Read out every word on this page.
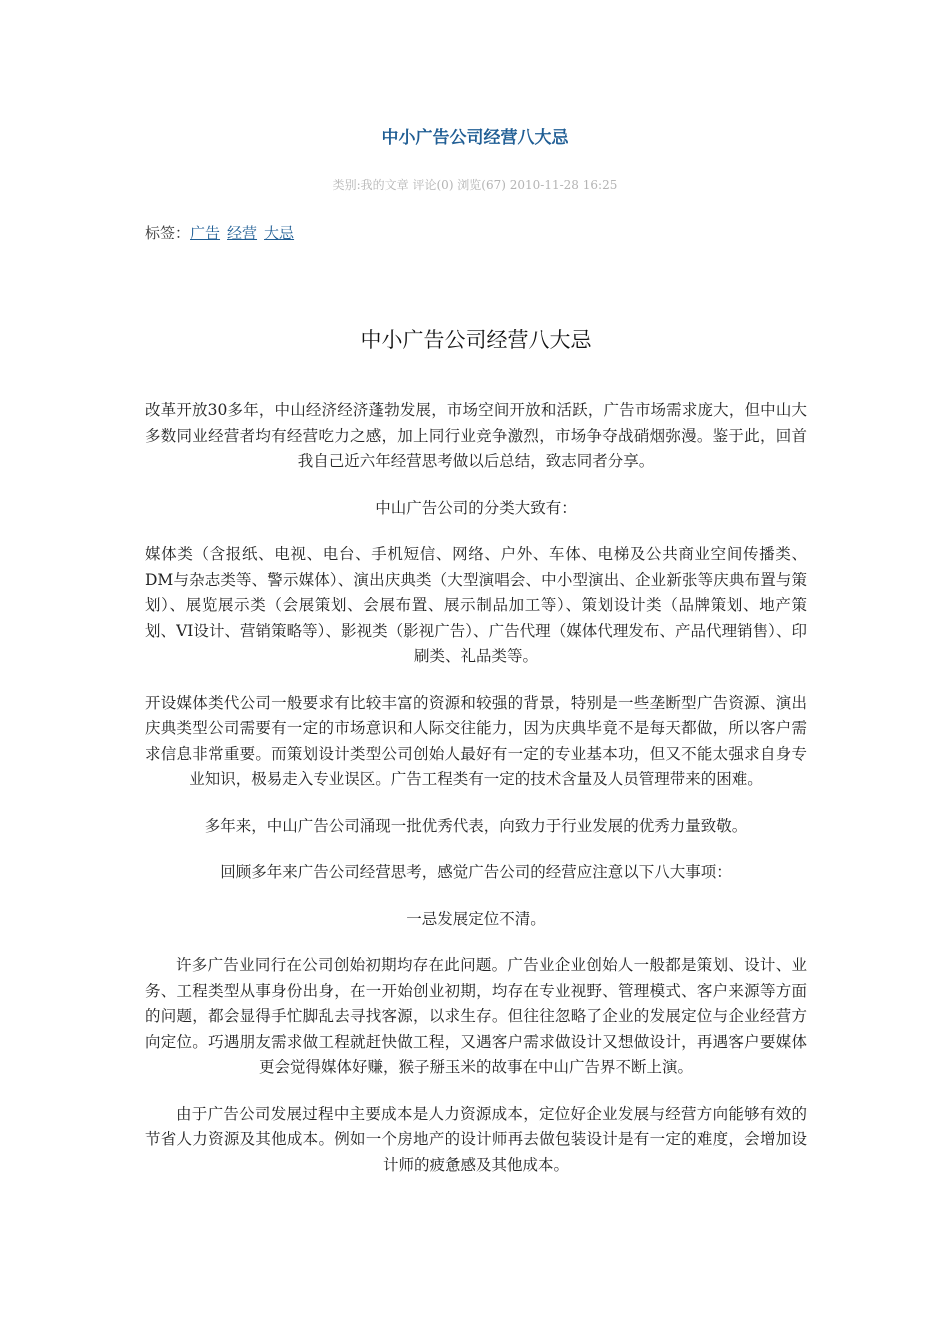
中小广告公司经营八大忌
类别:我的文章 评论(0) 浏览(67) 2010-11-28 16:25
标签：广告 经营 大忌
中小广告公司经营八大忌

改革开放30多年，中山经济经济蓬勃发展，市场空间开放和活跃，广告市场需求庞大，但中山大多数同业经营者均有经营吃力之感，加上同行业竞争激烈，市场争夺战硝烟弥漫。鉴于此，回首我自己近六年经营思考做以后总结，致志同者分享。

中山广告公司的分类大致有：

媒体类（含报纸、电视、电台、手机短信、网络、户外、车体、电梯及公共商业空间传播类、DM与杂志类等、警示媒体）、演出庆典类（大型演唱会、中小型演出、企业新张等庆典布置与策划）、展览展示类（会展策划、会展布置、展示制品加工等）、策划设计类（品牌策划、地产策划、VI设计、营销策略等）、影视类（影视广告）、广告代理（媒体代理发布、产品代理销售）、印刷类、礼品类等。

开设媒体类代公司一般要求有比较丰富的资源和较强的背景，特别是一些垄断型广告资源、演出庆典类型公司需要有一定的市场意识和人际交往能力，因为庆典毕竟不是每天都做，所以客户需求信息非常重要。而策划设计类型公司创始人最好有一定的专业基本功，但又不能太强求自身专业知识，极易走入专业误区。广告工程类有一定的技术含量及人员管理带来的困难。

多年来，中山广告公司涌现一批优秀代表，向致力于行业发展的优秀力量致敬。

回顾多年来广告公司经营思考，感觉广告公司的经营应注意以下八大事项：

一忌发展定位不清。

许多广告业同行在公司创始初期均存在此问题。广告业企业创始人一般都是策划、设计、业务、工程类型从事身份出身，在一开始创业初期，均存在专业视野、管理模式、客户来源等方面的问题，都会显得手忙脚乱去寻找客源，以求生存。但往往忽略了企业的发展定位与企业经营方向定位。巧遇朋友需求做工程就赶快做工程，又遇客户需求做设计又想做设计，再遇客户要媒体更会觉得媒体好赚，猴子掰玉米的故事在中山广告界不断上演。

由于广告公司发展过程中主要成本是人力资源成本，定位好企业发展与经营方向能够有效的节省人力资源及其他成本。例如一个房地产的设计师再去做包装设计是有一定的难度，会增加设计师的疲惫感及其他成本。
